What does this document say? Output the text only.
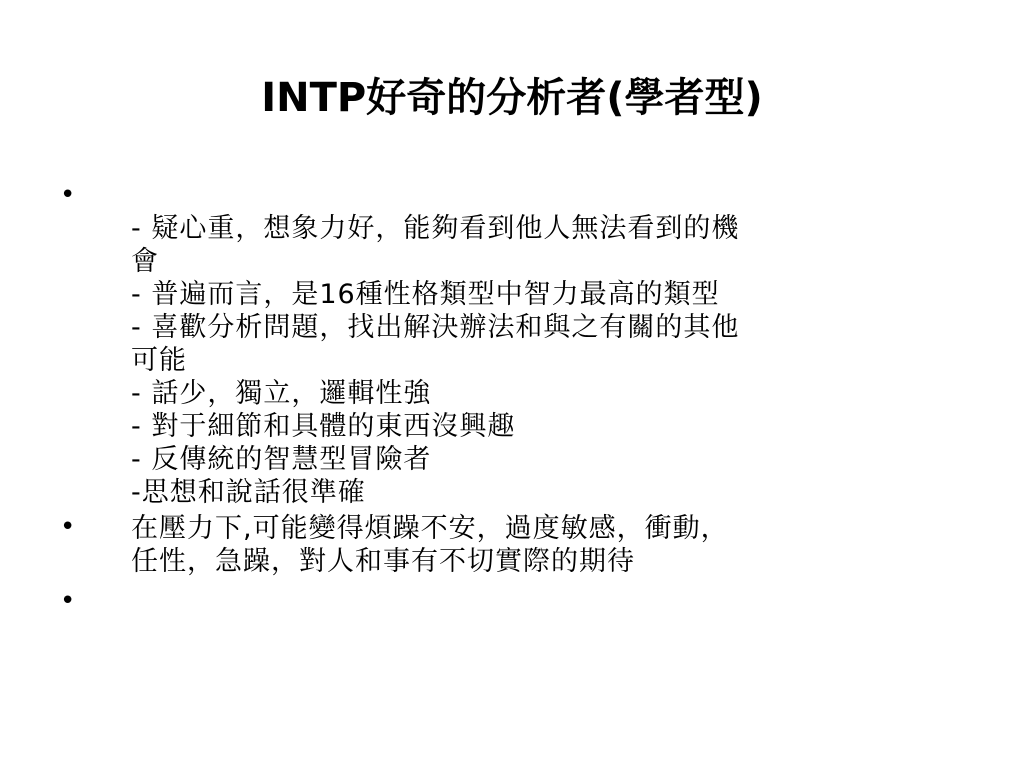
INTP好奇的分析者(學者型)
•
- 疑心重，想象力好，能夠看到他人無法看到的機
會
- 普遍而言，是16種性格類型中智力最高的類型
- 喜歡分析問題，找出解決辦法和與之有關的其他
可能
- 話少，獨立，邏輯性強
- 對于細節和具體的東西沒興趣
- 反傳統的智慧型冒險者
-思想和說話很準確
• 在壓力下,可能變得煩躁不安，過度敏感，衝動，
任性，急躁，對人和事有不切實際的期待
•
